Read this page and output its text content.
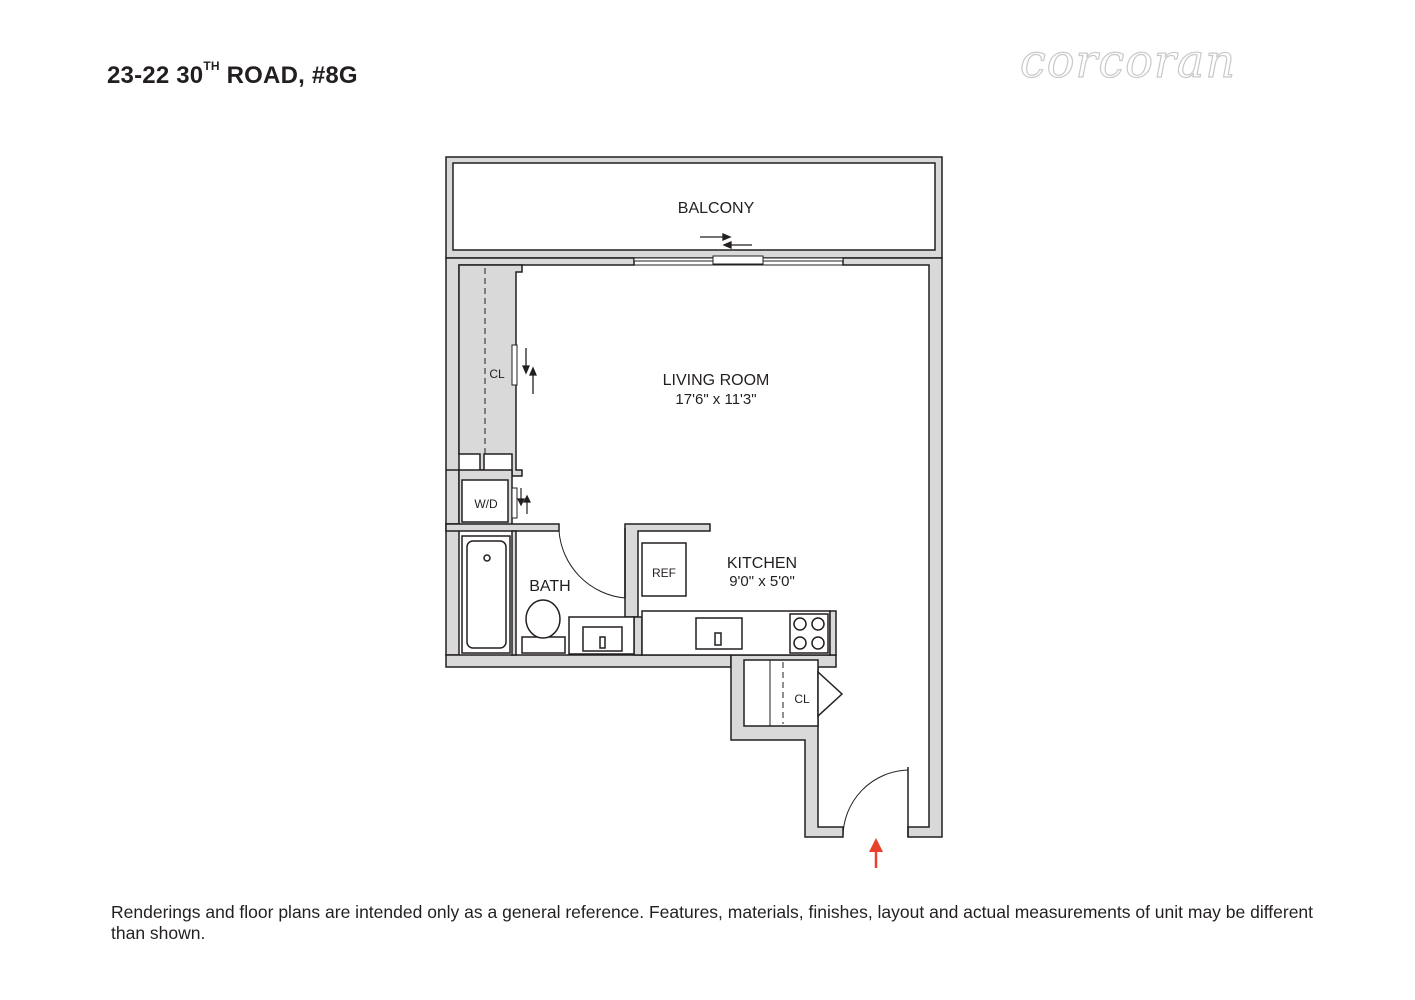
23-22 30TH ROAD, #8G	corcoran
BALCONY
LIVING ROOM
17'6" x 11'3"
KITCHEN
9'0" x 5'0"
BATH
CL
CL
W/D
REF
Renderings and floor plans are intended only as a general reference. Features, materials, finishes, layout and actual measurements of unit may be different than shown.
